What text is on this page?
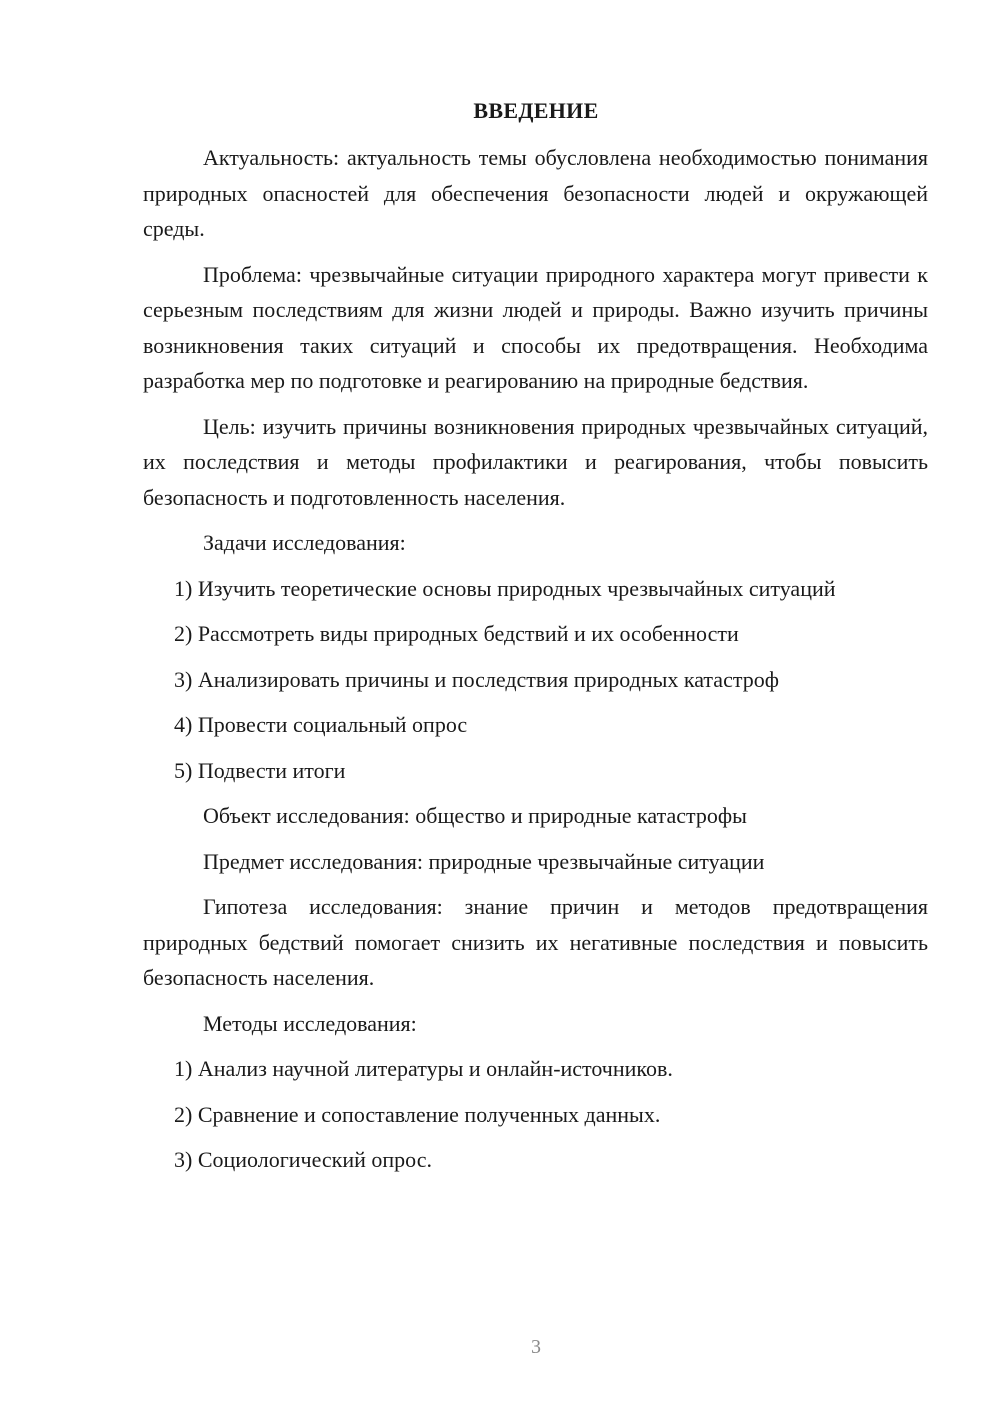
ВВЕДЕНИЕ

Актуальность: актуальность темы обусловлена необходимостью понимания природных опасностей для обеспечения безопасности людей и окружающей среды.

Проблема: чрезвычайные ситуации природного характера могут привести к серьезным последствиям для жизни людей и природы. Важно изучить причины возникновения таких ситуаций и способы их предотвращения. Необходима разработка мер по подготовке и реагированию на природные бедствия.

Цель: изучить причины возникновения природных чрезвычайных ситуаций, их последствия и методы профилактики и реагирования, чтобы повысить безопасность и подготовленность населения.

Задачи исследования:

1) Изучить теоретические основы природных чрезвычайных ситуаций

2) Рассмотреть виды природных бедствий и их особенности

3) Анализировать причины и последствия природных катастроф

4) Провести социальный опрос

5) Подвести итоги

Объект исследования: общество и природные катастрофы

Предмет исследования: природные чрезвычайные ситуации

Гипотеза исследования: знание причин и методов предотвращения природных бедствий помогает снизить их негативные последствия и повысить безопасность населения.

Методы исследования:

1) Анализ научной литературы и онлайн-источников.

2) Сравнение и сопоставление полученных данных.

3) Социологический опрос.

3
